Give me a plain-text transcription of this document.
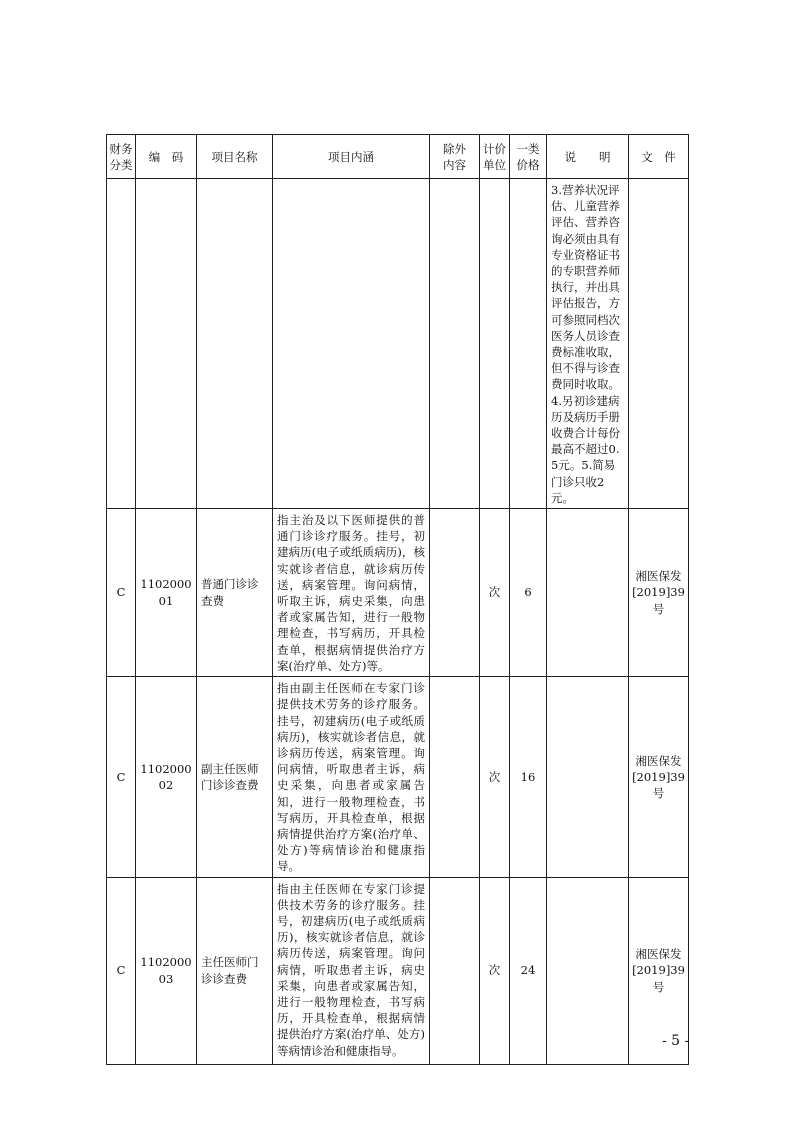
财务分类	编　码	项目名称	项目内涵	除外内容	计价单位	一类价格	说　　明	文　件
							3.营养状况评估、儿童营养评估、营养咨询必须由具有专业资格证书的专职营养师执行，并出具评估报告，方可参照同档次医务人员诊查费标准收取，但不得与诊查费同时收取。4.另初诊建病历及病历手册收费合计每份最高不超过0.5元。5.简易门诊只收2元。	
C	110200001	普通门诊诊查费	指主治及以下医师提供的普通门诊诊疗服务。挂号，初建病历(电子或纸质病历)，核实就诊者信息，就诊病历传送，病案管理。询问病情，听取主诉，病史采集，向患者或家属告知，进行一般物理检查，书写病历，开具检查单，根据病情提供治疗方案(治疗单、处方)等。		次	6		湘医保发[2019]39号
C	110200002	副主任医师门诊诊查费	指由副主任医师在专家门诊提供技术劳务的诊疗服务。挂号，初建病历(电子或纸质病历)，核实就诊者信息，就诊病历传送，病案管理。询问病情，听取患者主诉，病史采集，向患者或家属告知，进行一般物理检查，书写病历，开具检查单，根据病情提供治疗方案(治疗单、处方)等病情诊治和健康指导。		次	16		湘医保发[2019]39号
C	110200003	主任医师门诊诊查费	指由主任医师在专家门诊提供技术劳务的诊疗服务。挂号，初建病历(电子或纸质病历)，核实就诊者信息，就诊病历传送，病案管理。询问病情，听取患者主诉，病史采集，向患者或家属告知，进行一般物理检查，书写病历，开具检查单，根据病情提供治疗方案(治疗单、处方)等病情诊治和健康指导。		次	24		湘医保发[2019]39号
- 5 -
